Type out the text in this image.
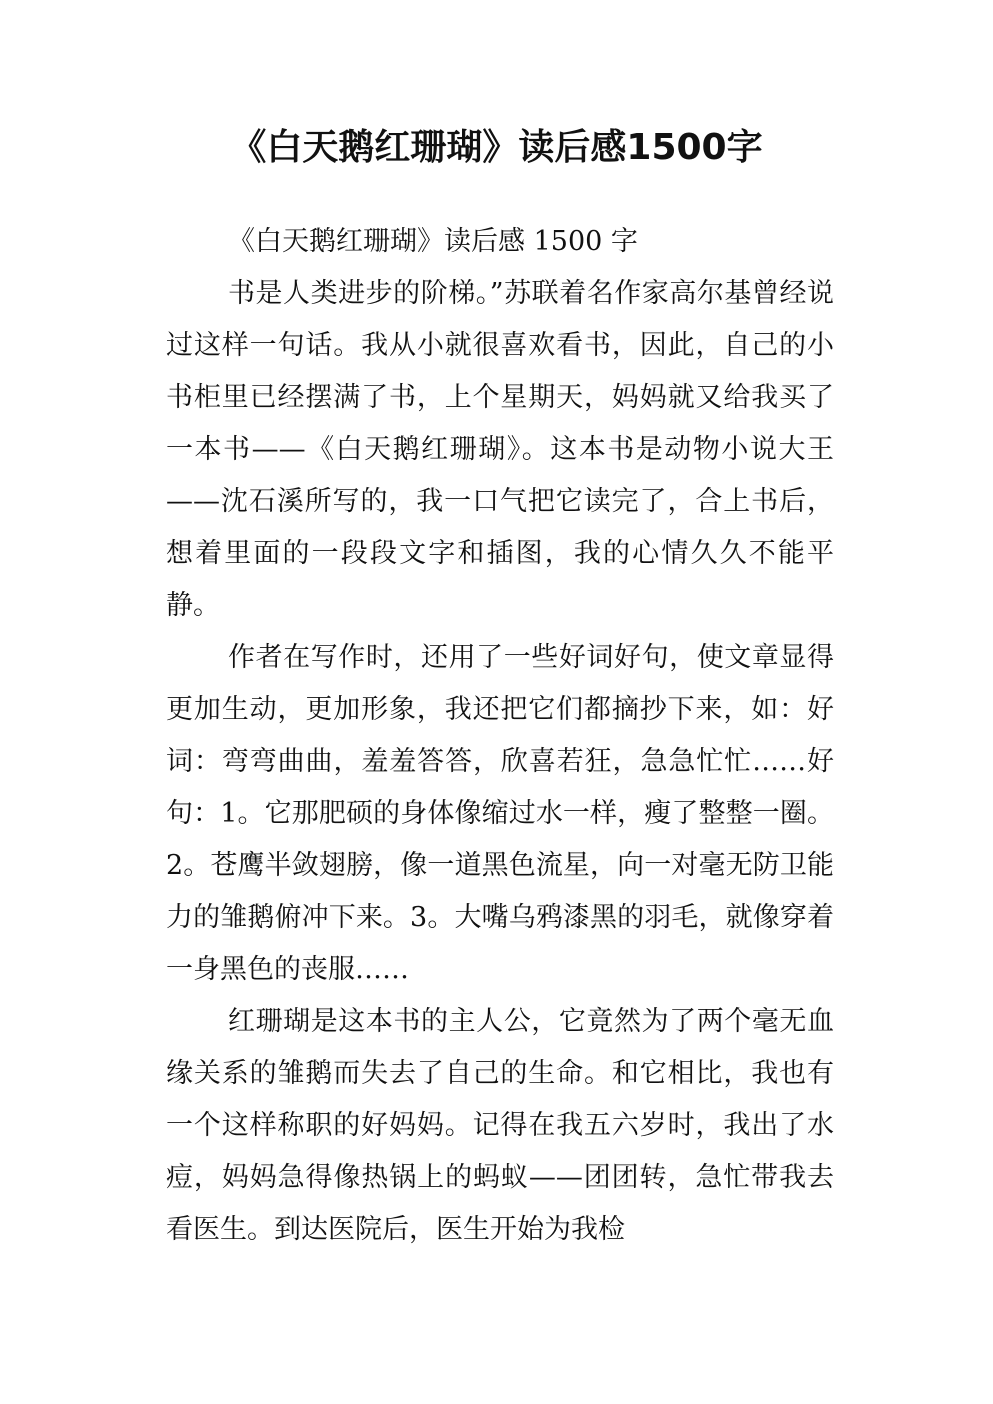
《白天鹅红珊瑚》读后感1500字

《白天鹅红珊瑚》读后感 1500 字

书是人类进步的阶梯。”苏联着名作家高尔基曾经说过这样一句话。我从小就很喜欢看书，因此，自己的小书柜里已经摆满了书，上个星期天，妈妈就又给我买了一本书——《白天鹅红珊瑚》。这本书是动物小说大王——沈石溪所写的，我一口气把它读完了，合上书后，想着里面的一段段文字和插图，我的心情久久不能平静。

作者在写作时，还用了一些好词好句，使文章显得更加生动，更加形象，我还把它们都摘抄下来，如：好词：弯弯曲曲，羞羞答答，欣喜若狂，急急忙忙……好句：1。它那肥硕的身体像缩过水一样，瘦了整整一圈。2。苍鹰半敛翅膀，像一道黑色流星，向一对毫无防卫能力的雏鹅俯冲下来。3。大嘴乌鸦漆黑的羽毛，就像穿着一身黑色的丧服……

红珊瑚是这本书的主人公，它竟然为了两个毫无血缘关系的雏鹅而失去了自己的生命。和它相比，我也有一个这样称职的好妈妈。记得在我五六岁时，我出了水痘，妈妈急得像热锅上的蚂蚁——团团转，急忙带我去看医生。到达医院后，医生开始为我检
